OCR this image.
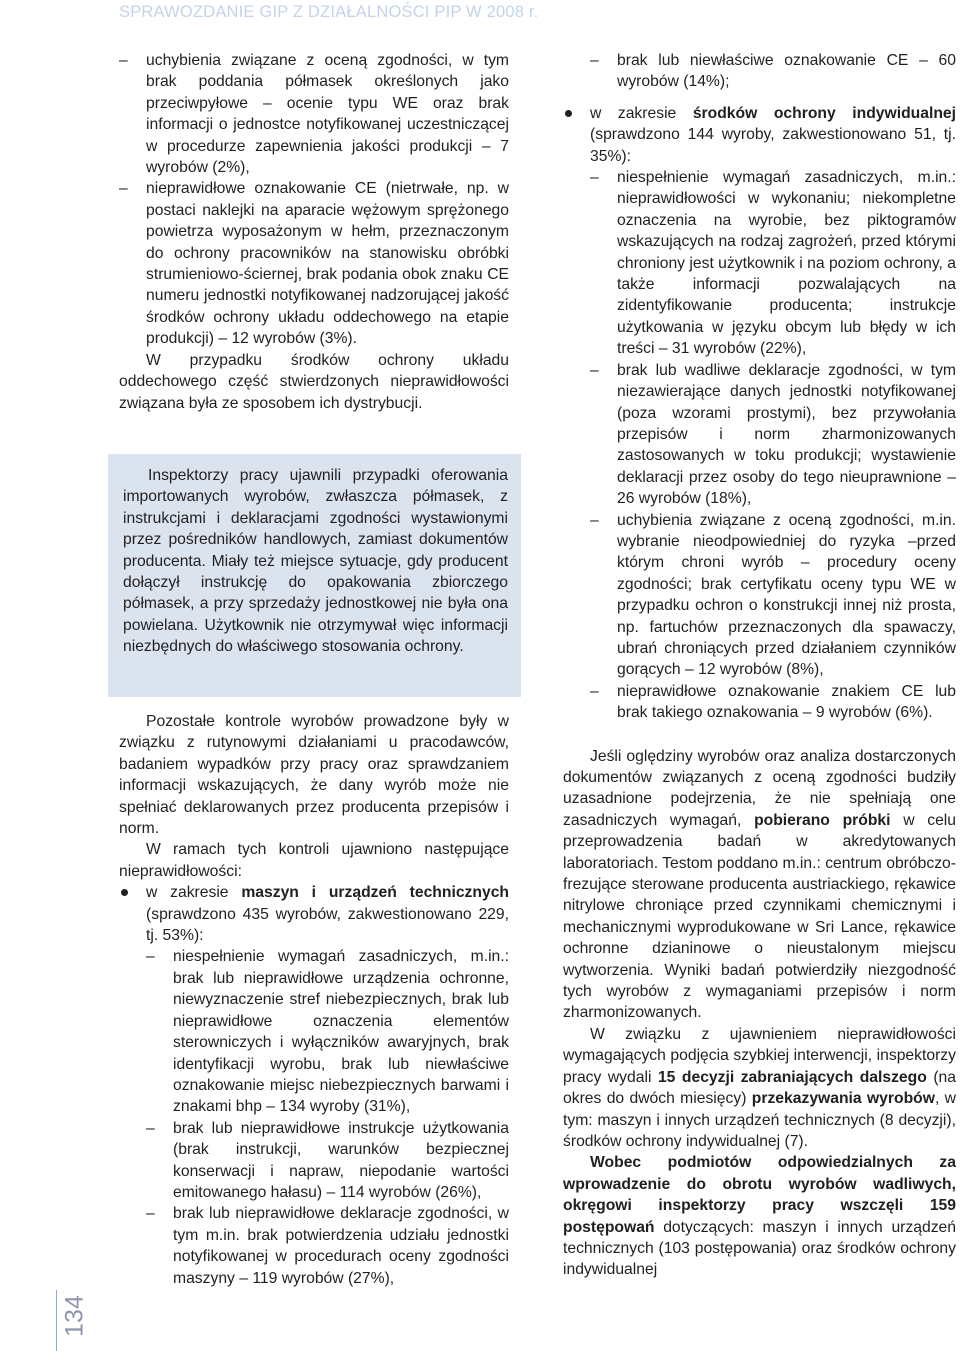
SPRAWOZDANIE GIP Z DZIAŁALNOŚCI PIP W 2008 r.
134
–	uchybienia związane z oceną zgodności, w tym brak poddania półmasek określonych jako przeciwpyłowe – ocenie typu WE oraz brak informacji o jednostce notyfikowanej uczestniczącej w procedurze zapewnienia jakości produkcji – 7 wyrobów (2%),
–	nieprawidłowe oznakowanie CE (nietrwałe, np. w postaci naklejki na aparacie wężowym sprężonego powietrza wyposażonym w hełm, przeznaczonym do ochrony pracowników na stanowisku obróbki strumieniowo-ściernej, brak podania obok znaku CE numeru jednostki notyfikowanej nadzorującej jakość środków ochrony układu oddechowego na etapie produkcji) – 12 wyrobów (3%).

W przypadku środków ochrony układu oddechowego część stwierdzonych nieprawidłowości związana była ze sposobem ich dystrybucji.

Inspektorzy pracy ujawnili przypadki oferowania importowanych wyrobów, zwłaszcza półmasek, z instrukcjami i deklaracjami zgodności wystawionymi przez pośredników handlowych, zamiast dokumentów producenta. Miały też miejsce sytuacje, gdy producent dołączył instrukcję do opakowania zbiorczego półmasek, a przy sprzedaży jednostkowej nie była ona powielana. Użytkownik nie otrzymywał więc informacji niezbędnych do właściwego stosowania ochrony.

Pozostałe kontrole wyrobów prowadzone były w związku z rutynowymi działaniami u pracodawców, badaniem wypadków przy pracy oraz sprawdzaniem informacji wskazujących, że dany wyrób może nie spełniać deklarowanych przez producenta przepisów i norm.

W ramach tych kontroli ujawniono następujące nieprawidłowości:

w zakresie maszyn i urządzeń technicznych (sprawdzono 435 wyrobów, zakwestionowano 229, tj. 53%):
–	niespełnienie wymagań zasadniczych, m.in.: brak lub nieprawidłowe urządzenia ochronne, niewyznaczenie stref niebezpiecznych, brak lub nieprawidłowe oznaczenia elementów sterowniczych i wyłączników awaryjnych, brak identyfikacji wyrobu, brak lub niewłaściwe oznakowanie miejsc niebezpiecznych barwami i znakami bhp – 134 wyroby (31%),
–	brak lub nieprawidłowe instrukcje użytkowania (brak instrukcji, warunków bezpiecznej konserwacji i napraw, niepodanie wartości emitowanego hałasu) – 114 wyrobów (26%),
–	brak lub nieprawidłowe deklaracje zgodności, w tym m.in. brak potwierdzenia udziału jednostki notyfikowanej w procedurach oceny zgodności maszyny – 119 wyrobów (27%),
–	brak lub niewłaściwe oznakowanie CE – 60 wyrobów (14%);
w zakresie środków ochrony indywidualnej (sprawdzono 144 wyroby, zakwestionowano 51, tj. 35%):
–	niespełnienie wymagań zasadniczych, m.in.: nieprawidłowości w wykonaniu; niekompletne oznaczenia na wyrobie, bez piktogramów wskazujących na rodzaj zagrożeń, przed którymi chroniony jest użytkownik i na poziom ochrony, a także informacji pozwalających na zidentyfikowanie producenta; instrukcje użytkowania w języku obcym lub błędy w ich treści – 31 wyrobów (22%),
–	brak lub wadliwe deklaracje zgodności, w tym niezawierające danych jednostki notyfikowanej (poza wzorami prostymi), bez przywołania przepisów i norm zharmonizowanych zastosowanych w toku produkcji; wystawienie deklaracji przez osoby do tego nieuprawnione – 26 wyrobów (18%),
–	uchybienia związane z oceną zgodności, m.in. wybranie nieodpowiedniej do ryzyka –przed którym chroni wyrób – procedury oceny zgodności; brak certyfikatu oceny typu WE w przypadku ochron o konstrukcji innej niż prosta, np. fartuchów przeznaczonych dla spawaczy, ubrań chroniących przed działaniem czynników gorących – 12 wyrobów (8%),
–	nieprawidłowe oznakowanie znakiem CE lub brak takiego oznakowania – 9 wyrobów (6%).

Jeśli oględziny wyrobów oraz analiza dostarczonych dokumentów związanych z oceną zgodności budziły uzasadnione podejrzenia, że nie spełniają one zasadniczych wymagań, pobierano próbki w celu przeprowadzenia badań w akredytowanych laboratoriach. Testom poddano m.in.: centrum obróbczo-frezujące sterowane producenta austriackiego, rękawice nitrylowe chroniące przed czynnikami chemicznymi i mechanicznymi wyprodukowane w Sri Lance, rękawice ochronne dzianinowe o nieustalonym miejscu wytworzenia. Wyniki badań potwierdziły niezgodność tych wyrobów z wymaganiami przepisów i norm zharmonizowanych.

W związku z ujawnieniem nieprawidłowości wymagających podjęcia szybkiej interwencji, inspektorzy pracy wydali 15 decyzji zabraniających dalszego (na okres do dwóch miesięcy) przekazywania wyrobów, w tym: maszyn i innych urządzeń technicznych (8 decyzji), środków ochrony indywidualnej (7).

Wobec podmiotów odpowiedzialnych za wprowadzenie do obrotu wyrobów wadliwych, okręgowi inspektorzy pracy wszczęli 159 postępowań dotyczących: maszyn i innych urządzeń technicznych (103 postępowania) oraz środków ochrony indywidualnej
